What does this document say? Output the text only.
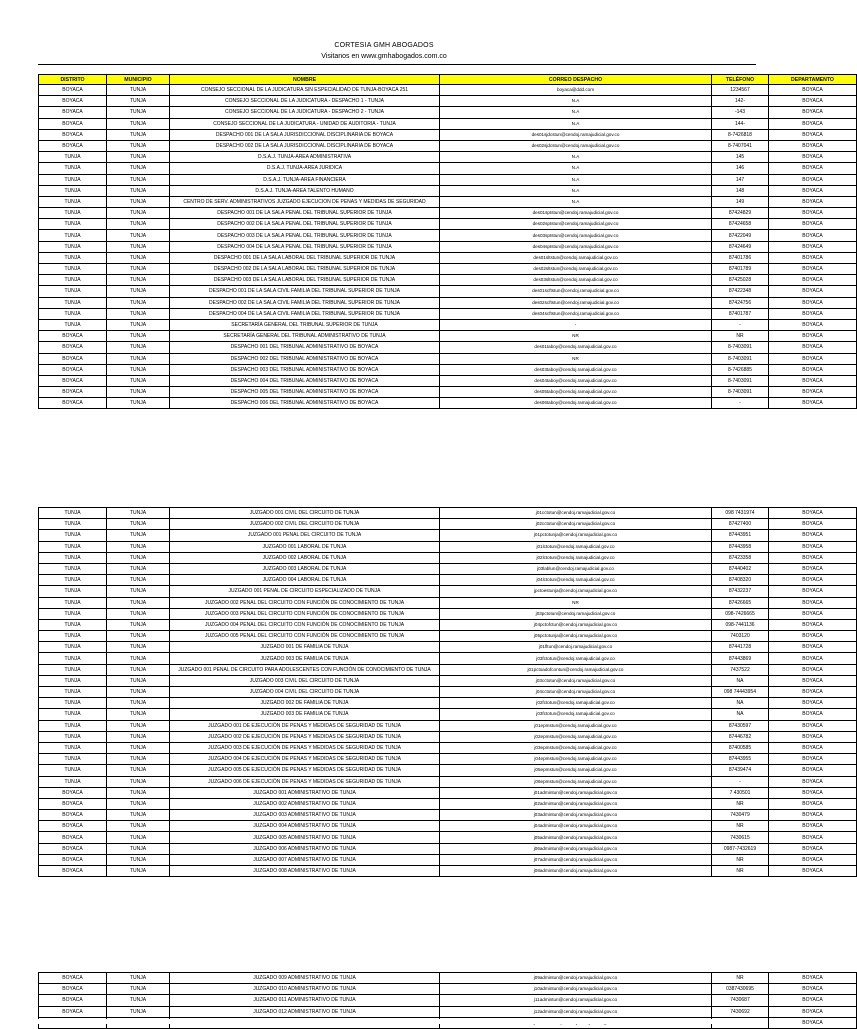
CORTESIA GMH ABOGADOS
Visitanos en www.gmhabogados.com.co
DISTRITO	MUNICIPIO	NOMBRE	CORREO DESPACHO	TELÉFONO	DEPARTAMENTO
BOYACA	TUNJA	CONSEJO SECCIONAL DE LA JUDICATURA SIN ESPECIALIDAD DE TUNJA-BOYACA 251	boyaca@ddd.com	1234567	BOYACA
BOYACA	TUNJA	CONSEJO SECCIONAL DE LA JUDICATURA - DESPACHO 1 - TUNJA	N.A	142-	BOYACA
BOYACA	TUNJA	CONSEJO SECCIONAL DE LA JUDICATURA - DESPACHO 2 - TUNJA	N.A	-143	BOYACA
BOYACA	TUNJA	CONSEJO SECCIONAL DE LA JUDICATURA - UNIDAD DE AUDITORIA - TUNJA	N.A	144-	BOYACA
BOYACA	TUNJA	DESPACHO 001 DE LA SALA JURISDICCIONAL DISCIPLINARIA DE BOYACA	des01sjdcstun@cendoj.ramajudicial.gov.co	8-7426818	BOYACA
BOYACA	TUNJA	DESPACHO 002 DE LA SALA JURISDICCIONAL DISCIPLINARIA DE BOYACA	des02sjdcstun@cendoj.ramajudicial.gov.co	8-7407041	BOYACA
TUNJA	TUNJA	D.S.A.J. TUNJA-AREA ADMINISTRATIVA	N.A	145	BOYACA
TUNJA	TUNJA	D.S.A.J. TUNJA-AREA JURIDICA	N.A	146	BOYACA
TUNJA	TUNJA	D.S.A.J. TUNJA-AREA FINANCIERA	N.A	147	BOYACA
TUNJA	TUNJA	D.S.A.J. TUNJA-AREA TALENTO HUMANO	N.A	148	BOYACA
TUNJA	TUNJA	CENTRO DE SERV. ADMINISTRATIVOS JUZGADO EJECUCION DE PENAS Y MEDIDAS DE SEGURIDAD	N.A	149	BOYACA
TUNJA	TUNJA	DESPACHO 001 DE LA SALA PENAL DEL TRIBUNAL SUPERIOR DE TUNJA	des01sptstun@cendoj.ramajudicial.gov.co	87424829	BOYACA
TUNJA	TUNJA	DESPACHO 002 DE LA SALA PENAL DEL TRIBUNAL SUPERIOR DE TUNJA	des02sptstun@cendoj.ramajudicial.gov.co	87424658	BOYACA
TUNJA	TUNJA	DESPACHO 003 DE LA SALA PENAL DEL TRIBUNAL SUPERIOR DE TUNJA	des03sptstun@cendoj.ramajudicial.gov.co	87422049	BOYACA
TUNJA	TUNJA	DESPACHO 004 DE LA SALA PENAL DEL TRIBUNAL SUPERIOR DE TUNJA	des04sptstun@cendoj.ramajudicial.gov.co	87424649	BOYACA
TUNJA	TUNJA	DESPACHO 001 DE LA SALA LABORAL DEL TRIBUNAL SUPERIOR DE TUNJA	des01sltstun@cendoj.ramajudicial.gov.co	87401786	BOYACA
TUNJA	TUNJA	DESPACHO 002 DE LA SALA LABORAL DEL TRIBUNAL SUPERIOR DE TUNJA	des02sltstun@cendoj.ramajudicial.gov.co	87401789	BOYACA
TUNJA	TUNJA	DESPACHO 003 DE LA SALA LABORAL DEL TRIBUNAL SUPERIOR DE TUNJA	des03sltstun@cendoj.ramajudicial.gov.co	87425028	BOYACA
TUNJA	TUNJA	DESPACHO 001 DE LA SALA CIVIL FAMILIA DEL TRIBUNAL SUPERIOR DE TUNJA	des01scftstun@cendoj.ramajudicial.gov.co	87422348	BOYACA
TUNJA	TUNJA	DESPACHO 002 DE LA SALA CIVIL FAMILIA DEL TRIBUNAL SUPERIOR DE TUNJA	des02scftstun@cendoj.ramajudicial.gov.co	87424756	BOYACA
TUNJA	TUNJA	DESPACHO 004 DE LA SALA CIVIL FAMILIA DEL TRIBUNAL SUPERIOR DE TUNJA	des04scftstun@cendoj.ramajudicial.gov.co	87401787	BOYACA
TUNJA	TUNJA	SECRETARÍA GENERAL DEL TRIBUNAL SUPERIOR DE TUNJA	-	-	BOYACA
BOYACA	TUNJA	SECRETARÍA GENERAL DEL TRIBUNAL ADMINISTRATIVO DE TUNJA	NR	NR	BOYACA
BOYACA	TUNJA	DESPACHO 001 DEL TRIBUNAL ADMINISTRATIVO DE BOYACA	des01taboy@cendoj.ramajudicial.gov.co	8-7403091	BOYACA
BOYACA	TUNJA	DESPACHO 002 DEL TRIBUNAL ADMINISTRATIVO DE BOYACA	NR	8-7403091	BOYACA
BOYACA	TUNJA	DESPACHO 003 DEL TRIBUNAL ADMINISTRATIVO DE BOYACA	des03taboy@cendoj.ramajudicial.gov.co	8-7426885	BOYACA
BOYACA	TUNJA	DESPACHO 004 DEL TRIBUNAL ADMINISTRATIVO DE BOYACA	des04taboy@cendoj.ramajudicial.gov.co	8-7403091	BOYACA
BOYACA	TUNJA	DESPACHO 005 DEL TRIBUNAL ADMINISTRATIVO DE BOYACA	des05taboy@cendoj.ramajudicial.gov.co	8-7403091	BOYACA
BOYACA	TUNJA	DESPACHO 006 DEL TRIBUNAL ADMINISTRATIVO DE BOYACA	des06taboy@cendoj.ramajudicial.gov.co	-	BOYACA
TUNJA	TUNJA	JUZGADO 001 CIVIL DEL CIRCUITO DE TUNJA	j01cctotun@cendoj.ramajudicial.gov.co	098 7431974	BOYACA
TUNJA	TUNJA	JUZGADO 002 CIVIL DEL CIRCUITO DE TUNJA	j02cctotun@cendoj.ramajudicial.gov.co	87427400	BOYACA
TUNJA	TUNJA	JUZGADO 001 PENAL DEL CIRCUITO DE TUNJA	j01pctotunja@cendoj.ramajudicial.gov.co	87443951	BOYACA
TUNJA	TUNJA	JUZGADO 001 LABORAL DE TUNJA	j01lctotun@cendoj.ramajudicial.gov.co	87443958	BOYACA
TUNJA	TUNJA	JUZGADO 002 LABORAL DE TUNJA	j02lctotun@cendoj.ramajudicial.gov.co	87423358	BOYACA
TUNJA	TUNJA	JUZGADO 003 LABORAL DE TUNJA	j03lablun@cendoj.ramajudicial.gov.co	87440402	BOYACA
TUNJA	TUNJA	JUZGADO 004 LABORAL DE TUNJA	j04lctotun@cendoj.ramajudicial.gov.co	87408320	BOYACA
TUNJA	TUNJA	JUZGADO 001 PENAL DE CIRCUITO ESPECIALIZADO DE TUNJA	jpctoestunja@cendoj.ramajudicial.gov.co	87432237	BOYACA
TUNJA	TUNJA	JUZGADO 002 PENAL DEL CIRCUITO CON FUNCIÓN DE CONOCIMIENTO DE TUNJA	NR	87426665	BOYACA
TUNJA	TUNJA	JUZGADO 003 PENAL DEL CIRCUITO CON FUNCIÓN DE CONOCIMIENTO DE TUNJA	j03pctotun@cendoj.ramajudicial.gov.co	098-7426665	BOYACA
TUNJA	TUNJA	JUZGADO 004 PENAL DEL CIRCUITO CON FUNCIÓN DE CONOCIMIENTO DE TUNJA	j04pctofctun@cendoj.ramajudicial.gov.co	098-7441136	BOYACA
TUNJA	TUNJA	JUZGADO 005 PENAL DEL CIRCUITO CON FUNCIÓN DE CONOCIMIENTO DE TUNJA	j05pctotunja@cendoj.ramajudicial.gov.co	7403120	BOYACA
TUNJA	TUNJA	JUZGADO 001 DE FAMILIA DE TUNJA	j01fltun@cendoj.ramajudicial.gov.co	87441728	BOYACA
TUNJA	TUNJA	JUZGADO 003 DE FAMILIA DE TUNJA	j03fctotun@cendoj.ramajudicial.gov.co	87443869	BOYACA
TUNJA	TUNJA	JUZGADO 001 PENAL DE CIRCUITO PARA ADOLESCENTES CON FUNCIÓN DE CONOCIMIENTO DE TUNJA	j01pctoadofcontun@cendoj.ramajudicial.gov.co	7437522	BOYACA
TUNJA	TUNJA	JUZGADO 003 CIVIL DEL CIRCUITO DE TUNJA	j03cctotun@cendoj.ramajudicial.gov.co	NA	BOYACA
TUNJA	TUNJA	JUZGADO 004 CIVIL DEL CIRCUITO DE TUNJA	j04cctotun@cendoj.ramajudicial.gov.co	098 74443954	BOYACA
TUNJA	TUNJA	JUZGADO 002 DE FAMILIA DE TUNJA	j02fctotun@cendoj.ramajudicial.gov.co	NA	BOYACA
TUNJA	TUNJA	JUZGADO 003 DE FAMILIA DE TUNJA	j03fctotun@cendoj.ramajudicial.gov.co	NA	BOYACA
TUNJA	TUNJA	JUZGADO 001 DE EJECUCIÓN DE PENAS Y MEDIDAS DE SEGURIDAD DE TUNJA	j01epmstun@cendoj.ramajudicial.gov.co	87430597	BOYACA
TUNJA	TUNJA	JUZGADO 002 DE EJECUCIÓN DE PENAS Y MEDIDAS DE SEGURIDAD DE TUNJA	j02epmstun@cendoj.ramajudicial.gov.co	87446782	BOYACA
TUNJA	TUNJA	JUZGADO 003 DE EJECUCIÓN DE PENAS Y MEDIDAS DE SEGURIDAD DE TUNJA	j03epmstun@cendoj.ramajudicial.gov.co	87400585	BOYACA
TUNJA	TUNJA	JUZGADO 004 DE EJECUCIÓN DE PENAS Y MEDIDAS DE SEGURIDAD DE TUNJA	j04epmstun@cendoj.ramajudicial.gov.co	87443955	BOYACA
TUNJA	TUNJA	JUZGADO 005 DE EJECUCIÓN DE PENAS Y MEDIDAS DE SEGURIDAD DE TUNJA	j05epmstun@cendoj.ramajudicial.gov.co	87439474	BOYACA
TUNJA	TUNJA	JUZGADO 006 DE EJECUCIÓN DE PENAS Y MEDIDAS DE SEGURIDAD DE TUNJA	j06epmstun@cendoj.ramajudicial.gov.co	-	BOYACA
BOYACA	TUNJA	JUZGADO 001 ADMINISTRATIVO DE TUNJA	j01admintun@cendoj.ramajudicial.gov.co	7 430501	BOYACA
BOYACA	TUNJA	JUZGADO 002 ADMINISTRATIVO DE TUNJA	j02admintun@cendoj.ramajudicial.gov.co	NR	BOYACA
BOYACA	TUNJA	JUZGADO 003 ADMINISTRATIVO DE TUNJA	j03admintun@cendoj.ramajudicial.gov.co	7430479	BOYACA
BOYACA	TUNJA	JUZGADO 004 ADMINISTRATIVO DE TUNJA	j04admintun@cendoj.ramajudicial.gov.co	NR	BOYACA
BOYACA	TUNJA	JUZGADO 005 ADMINISTRATIVO DE TUNJA	j05admintun@cendoj.ramajudicial.gov.co	7430615	BOYACA
BOYACA	TUNJA	JUZGADO 006 ADMINISTRATIVO DE TUNJA	j06admintun@cendoj.ramajudicial.gov.co	0987-7432619	BOYACA
BOYACA	TUNJA	JUZGADO 007 ADMINISTRATIVO DE TUNJA	j07admintun@cendoj.ramajudicial.gov.co	NR	BOYACA
BOYACA	TUNJA	JUZGADO 008 ADMINISTRATIVO DE TUNJA	j08admintun@cendoj.ramajudicial.gov.co	NR	BOYACA
BOYACA	TUNJA	JUZGADO 009 ADMINISTRATIVO DE TUNJA	j09admintun@cendoj.ramajudicial.gov.co	NR	BOYACA
BOYACA	TUNJA	JUZGADO 010 ADMINISTRATIVO DE TUNJA	j10admintun@cendoj.ramajudicial.gov.co	0387430695	BOYACA
BOYACA	TUNJA	JUZGADO 011 ADMINISTRATIVO DE TUNJA	j11admintun@cendoj.ramajudicial.gov.co	7430687	BOYACA
BOYACA	TUNJA	JUZGADO 012 ADMINISTRATIVO DE TUNJA	j12admintun@cendoj.ramajudicial.gov.co	7430692	BOYACA
					BOYACA
